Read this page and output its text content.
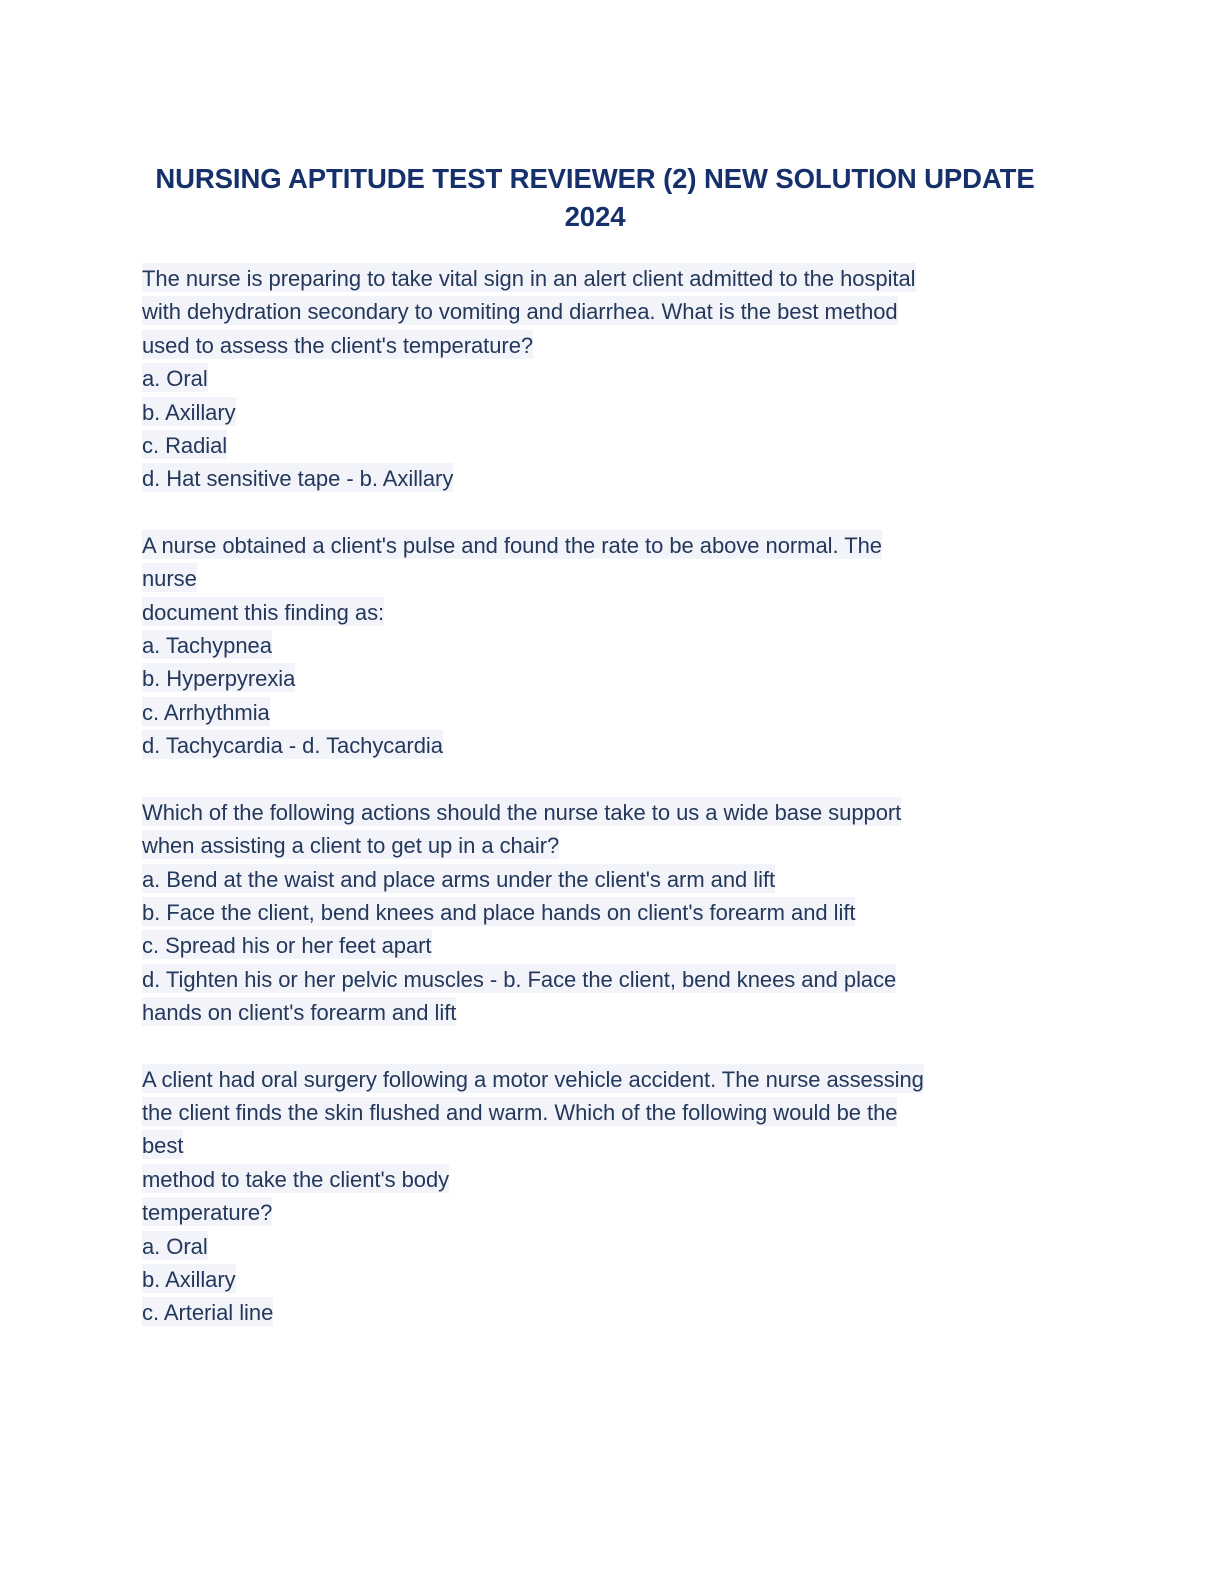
NURSING APTITUDE TEST REVIEWER (2) NEW SOLUTION UPDATE 2024

The nurse is preparing to take vital sign in an alert client admitted to the hospital

with dehydration secondary to vomiting and diarrhea. What is the best method

used to assess the client's temperature?

a. Oral

b. Axillary

c. Radial

d. Hat sensitive tape - b. Axillary

A nurse obtained a client's pulse and found the rate to be above normal. The

nurse

document this finding as:

a. Tachypnea

b. Hyperpyrexia

c. Arrhythmia

d. Tachycardia - d. Tachycardia

Which of the following actions should the nurse take to us a wide base support

when assisting a client to get up in a chair?

a. Bend at the waist and place arms under the client's arm and lift

b. Face the client, bend knees and place hands on client's forearm and lift

c. Spread his or her feet apart

d. Tighten his or her pelvic muscles - b. Face the client, bend knees and place

hands on client's forearm and lift

A client had oral surgery following a motor vehicle accident. The nurse assessing

the client finds the skin flushed and warm. Which of the following would be the

best

method to take the client's body

temperature?

a. Oral

b. Axillary

c. Arterial line
